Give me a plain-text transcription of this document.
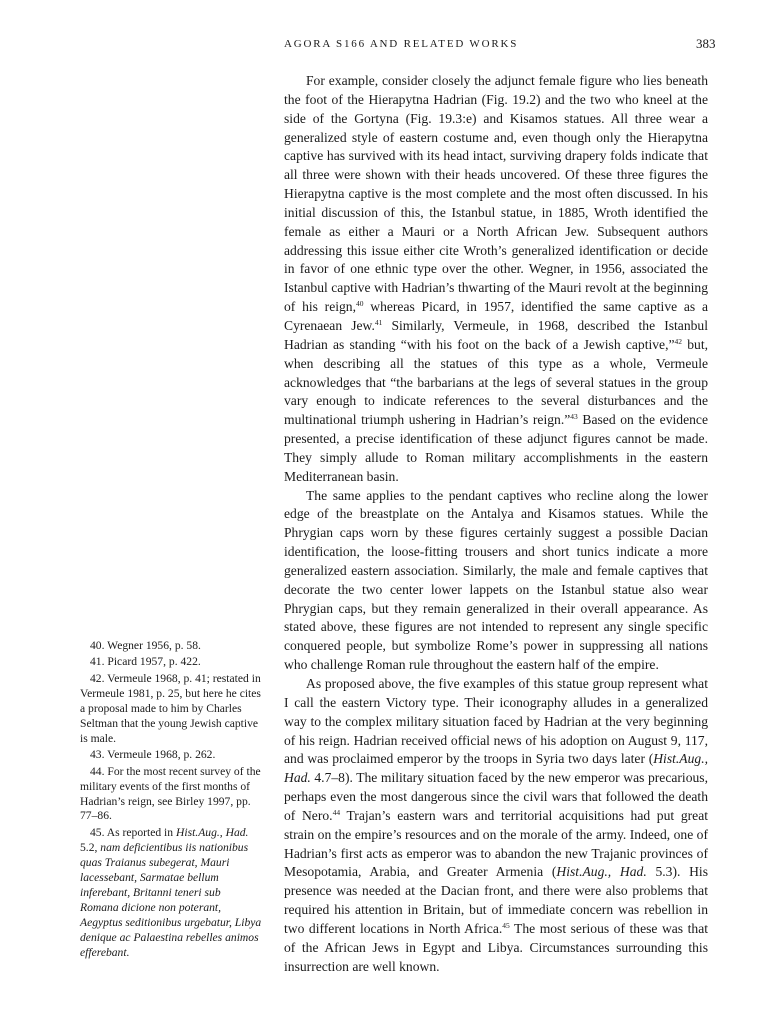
AGORA S166 AND RELATED WORKS	383

For example, consider closely the adjunct female figure who lies beneath the foot of the Hierapytna Hadrian (Fig. 19.2) and the two who kneel at the side of the Gortyna (Fig. 19.3:e) and Kisamos statues. All three wear a generalized style of eastern costume and, even though only the Hierapytna captive has survived with its head intact, surviving drapery folds indicate that all three were shown with their heads uncovered. Of these three figures the Hierapytna captive is the most complete and the most often discussed. In his initial discussion of this, the Istanbul statue, in 1885, Wroth identified the female as either a Mauri or a North African Jew. Subsequent authors addressing this issue either cite Wroth’s generalized identification or decide in favor of one ethnic type over the other. Wegner, in 1956, associated the Istanbul captive with Hadrian’s thwarting of the Mauri revolt at the beginning of his reign,$^{40}$ whereas Picard, in 1957, identified the same captive as a Cyrenaean Jew.$^{41}$ Similarly, Vermeule, in 1968, described the Istanbul Hadrian as standing “with his foot on the back of a Jewish captive,”$^{42}$ but, when describing all the statues of this type as a whole, Vermeule acknowledges that “the barbarians at the legs of several statues in the group vary enough to indicate references to the several disturbances and the multinational triumph ushering in Hadrian’s reign.”$^{43}$ Based on the evidence presented, a precise identification of these adjunct figures cannot be made. They simply allude to Roman military accomplishments in the eastern Mediterranean basin.

The same applies to the pendant captives who recline along the lower edge of the breastplate on the Antalya and Kisamos statues. While the Phrygian caps worn by these figures certainly suggest a possible Dacian identification, the loose-fitting trousers and short tunics indicate a more generalized eastern association. Similarly, the male and female captives that decorate the two center lower lappets on the Istanbul statue also wear Phrygian caps, but they remain generalized in their overall appearance. As stated above, these figures are not intended to represent any single specific conquered people, but symbolize Rome’s power in suppressing all nations who challenge Roman rule throughout the eastern half of the empire.

As proposed above, the five examples of this statue group represent what I call the eastern Victory type. Their iconography alludes in a generalized way to the complex military situation faced by Hadrian at the very beginning of his reign. Hadrian received official news of his adoption on August 9, 117, and was proclaimed emperor by the troops in Syria two days later (Hist.Aug., Had. 4.7–8). The military situation faced by the new emperor was precarious, perhaps even the most dangerous since the civil wars that followed the death of Nero.$^{44}$ Trajan’s eastern wars and territorial acquisitions had put great strain on the empire’s resources and on the morale of the army. Indeed, one of Hadrian’s first acts as emperor was to abandon the new Trajanic provinces of Mesopotamia, Arabia, and Greater Armenia (Hist.Aug., Had. 5.3). His presence was needed at the Dacian front, and there were also problems that required his attention in Britain, but of immediate concern was rebellion in two different locations in North Africa.$^{45}$ The most serious of these was that of the African Jews in Egypt and Libya. Circumstances surrounding this insurrection are well known.

40. Wegner 1956, p. 58.
41. Picard 1957, p. 422.
42. Vermeule 1968, p. 41; restated in Vermeule 1981, p. 25, but here he cites a proposal made to him by Charles Seltman that the young Jewish captive is male.
43. Vermeule 1968, p. 262.
44. For the most recent survey of the military events of the first months of Hadrian’s reign, see Birley 1997, pp. 77–86.
45. As reported in Hist.Aug., Had. 5.2, nam deficientibus iis nationibus quas Traianus subegerat, Mauri lacessebant, Sarmatae bellum inferebant, Britanni teneri sub Romana dicione non poterant, Aegyptus seditionibus urgebatur, Libya denique ac Palaestina rebelles animos efferebant.
